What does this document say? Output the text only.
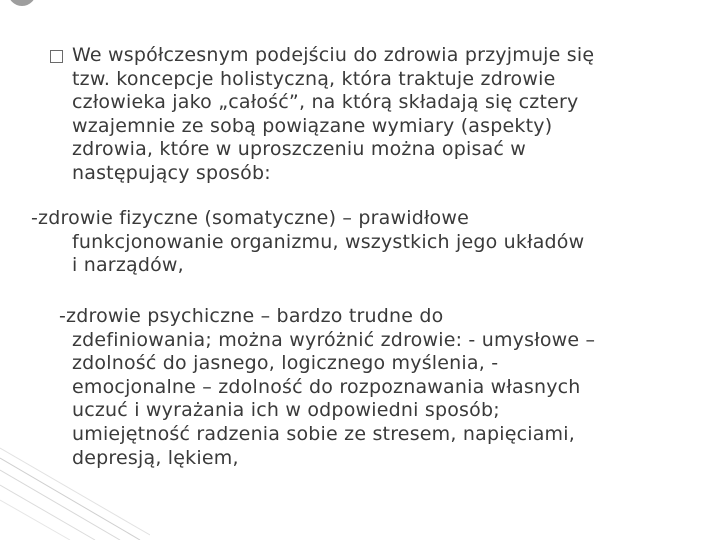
We współczesnym podejściu do zdrowia przyjmuje się
tzw. koncepcje holistyczną, która traktuje zdrowie
człowieka jako „całość”, na którą składają się cztery
wzajemnie ze sobą powiązane wymiary (aspekty)
zdrowia, które w uproszczeniu można opisać w
następujący sposób:

-zdrowie fizyczne (somatyczne) – prawidłowe
funkcjonowanie organizmu, wszystkich jego układów
i narządów,

-zdrowie psychiczne – bardzo trudne do
zdefiniowania; można wyróżnić zdrowie: - umysłowe –
zdolność do jasnego, logicznego myślenia, -
emocjonalne – zdolność do rozpoznawania własnych
uczuć i wyrażania ich w odpowiedni sposób;
umiejętność radzenia sobie ze stresem, napięciami,
depresją, lękiem,
